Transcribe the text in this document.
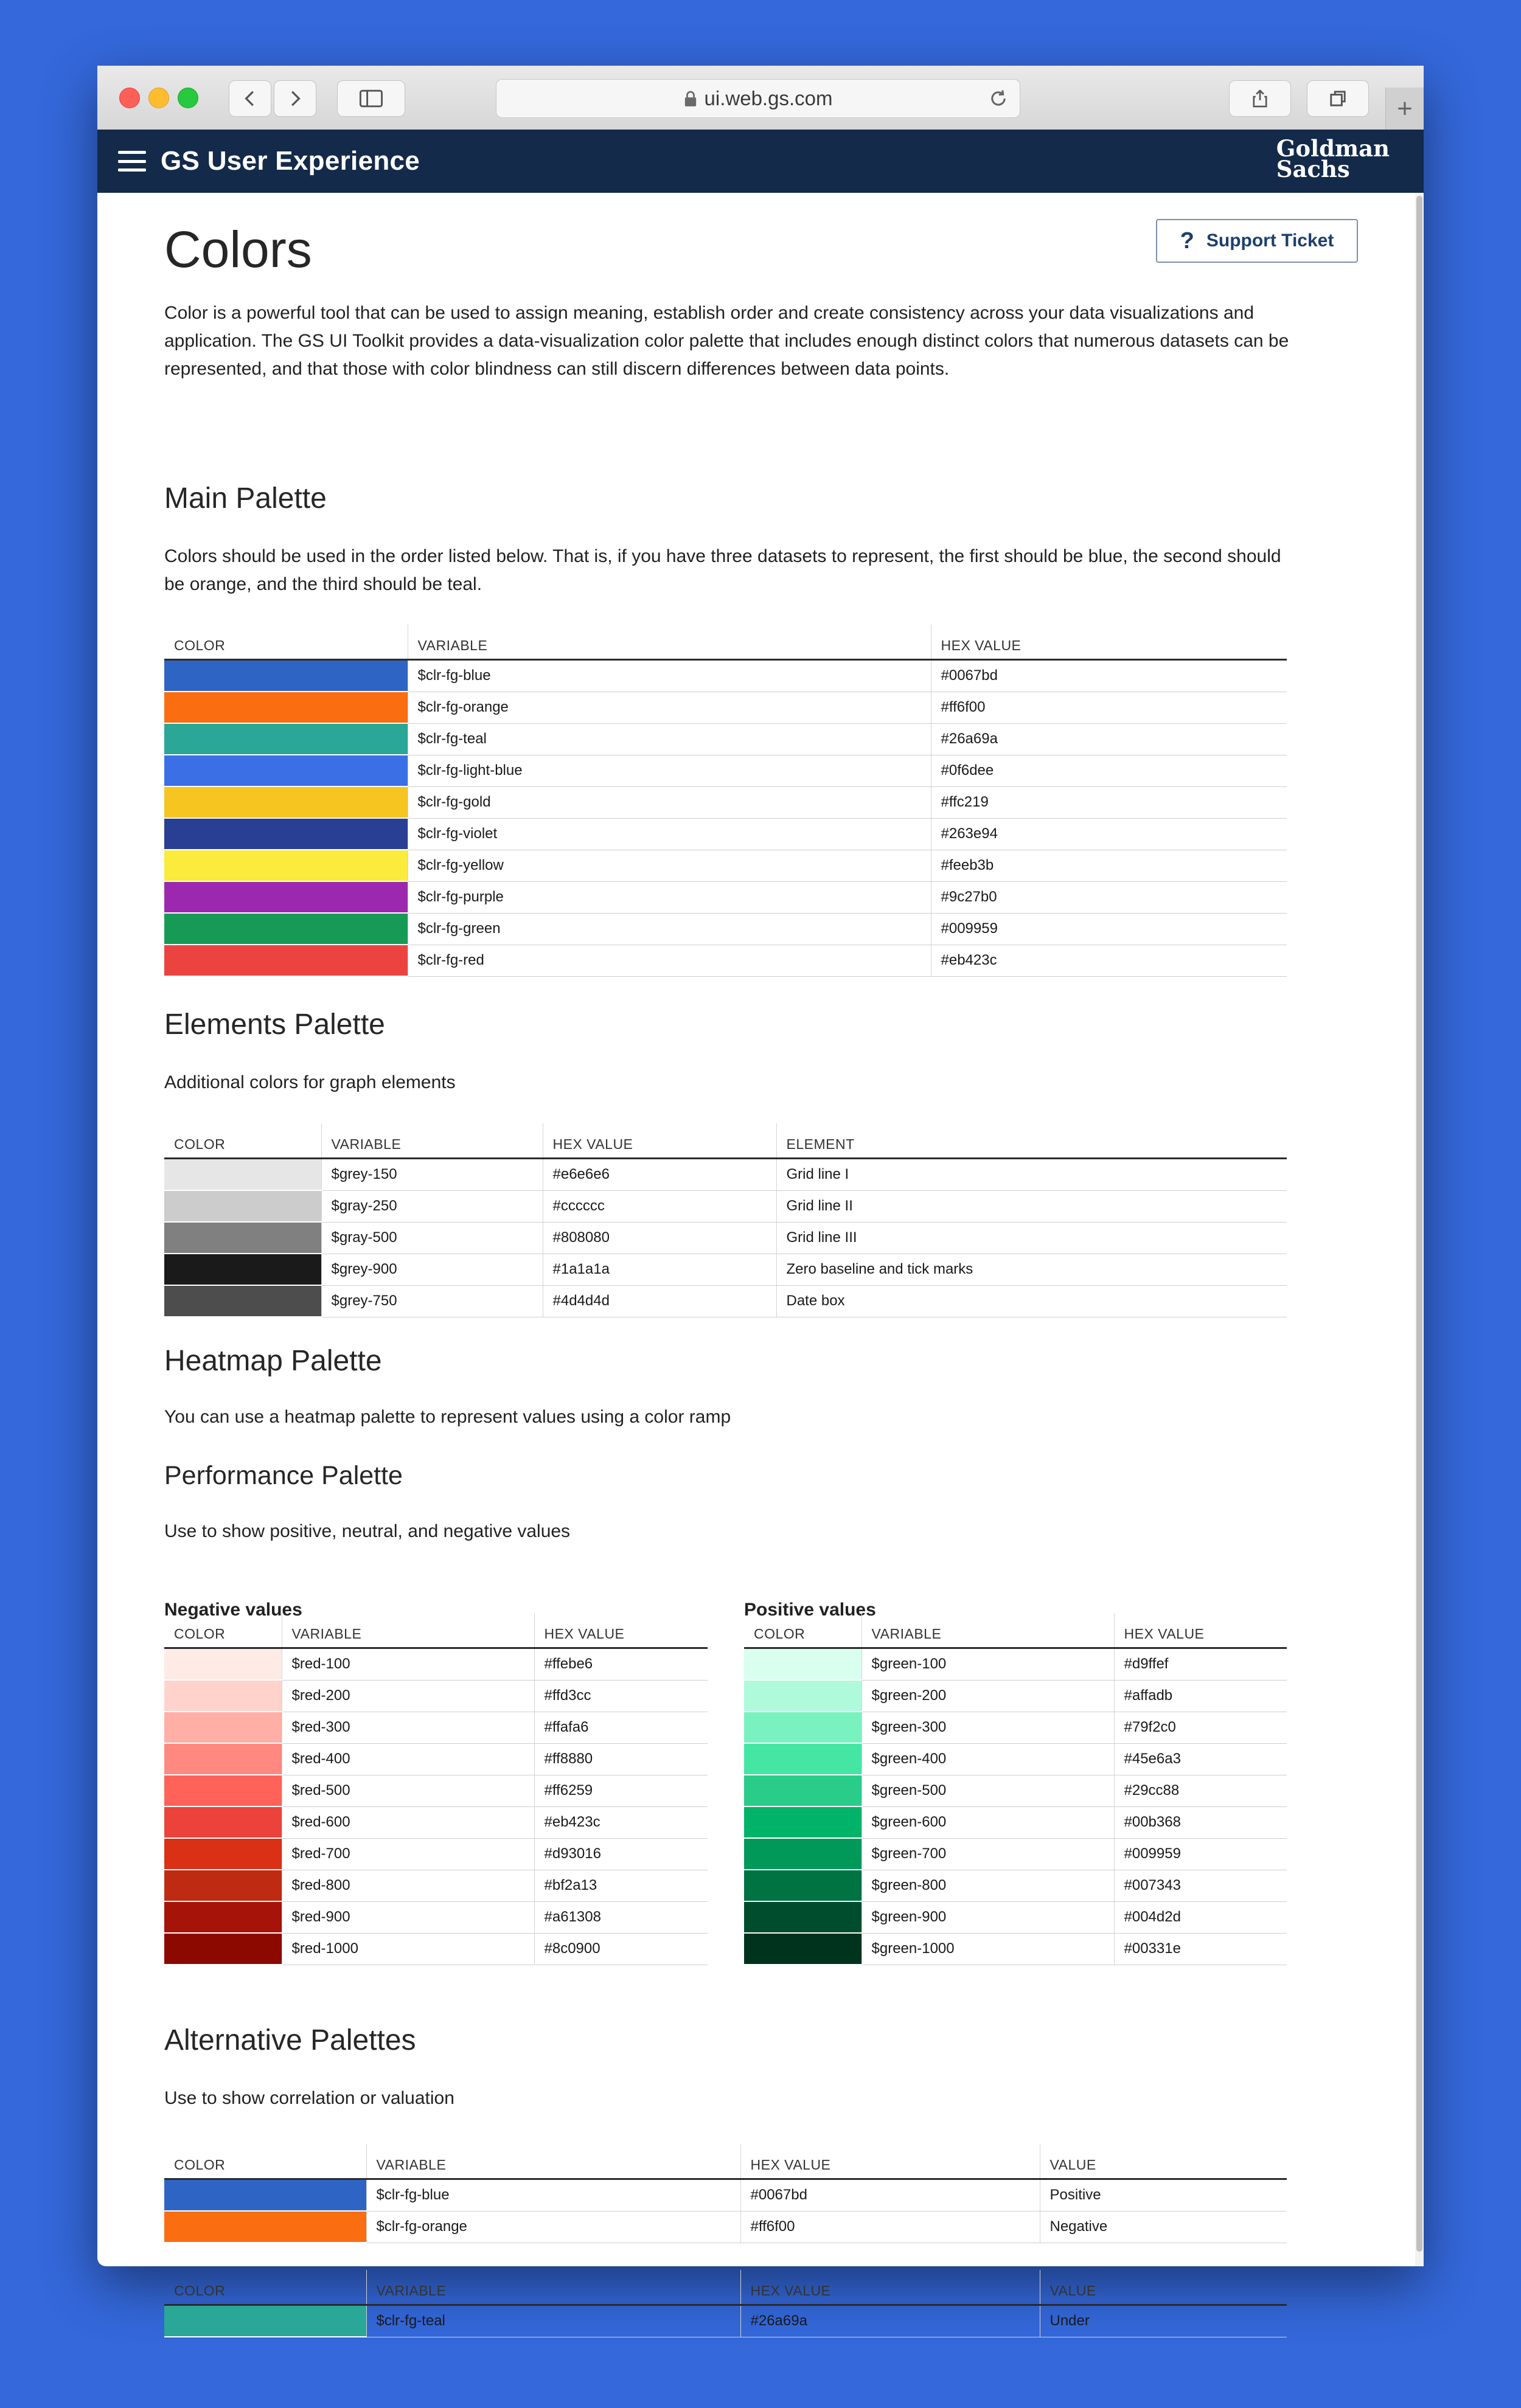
ui.web.gs.com	+
GS User Experience	Goldman
Sachs
Colors	? Support Ticket

Color is a powerful tool that can be used to assign meaning, establish order and create consistency across your data visualizations and application. The GS UI Toolkit provides a data-visualization color palette that includes enough distinct colors that numerous datasets can be represented, and that those with color blindness can still discern differences between data points.

Main Palette

Colors should be used in the order listed below. That is, if you have three datasets to represent, the first should be blue, the second should be orange, and the third should be teal.

COLOR	VARIABLE	HEX VALUE

	$clr-fg-blue	#0067bd

	$clr-fg-orange	#ff6f00

	$clr-fg-teal	#26a69a

	$clr-fg-light-blue	#0f6dee

	$clr-fg-gold	#ffc219

	$clr-fg-violet	#263e94

	$clr-fg-yellow	#feeb3b

	$clr-fg-purple	#9c27b0

	$clr-fg-green	#009959

	$clr-fg-red	#eb423c
Elements Palette

Additional colors for graph elements

COLOR	VARIABLE	HEX VALUE	ELEMENT

	$grey-150	#e6e6e6	Grid line I

	$gray-250	#cccccc	Grid line II

	$gray-500	#808080	Grid line III

	$grey-900	#1a1a1a	Zero baseline and tick marks

	$grey-750	#4d4d4d	Date box
Heatmap Palette

You can use a heatmap palette to represent values using a color ramp

Performance Palette

Use to show positive, neutral, and negative values

Negative values
COLOR	VARIABLE	HEX VALUE

	$red-100	#ffebe6

	$red-200	#ffd3cc

	$red-300	#ffafa6

	$red-400	#ff8880

	$red-500	#ff6259

	$red-600	#eb423c

	$red-700	#d93016

	$red-800	#bf2a13

	$red-900	#a61308

	$red-1000	#8c0900
Positive values
COLOR	VARIABLE	HEX VALUE

	$green-100	#d9ffef

	$green-200	#affadb

	$green-300	#79f2c0

	$green-400	#45e6a3

	$green-500	#29cc88

	$green-600	#00b368

	$green-700	#009959

	$green-800	#007343

	$green-900	#004d2d

	$green-1000	#00331e
Alternative Palettes

Use to show correlation or valuation

COLOR	VARIABLE	HEX VALUE	VALUE

	$clr-fg-blue	#0067bd	Positive

	$clr-fg-orange	#ff6f00	Negative
COLOR	VARIABLE	HEX VALUE	VALUE

	$clr-fg-teal	#26a69a	Under
